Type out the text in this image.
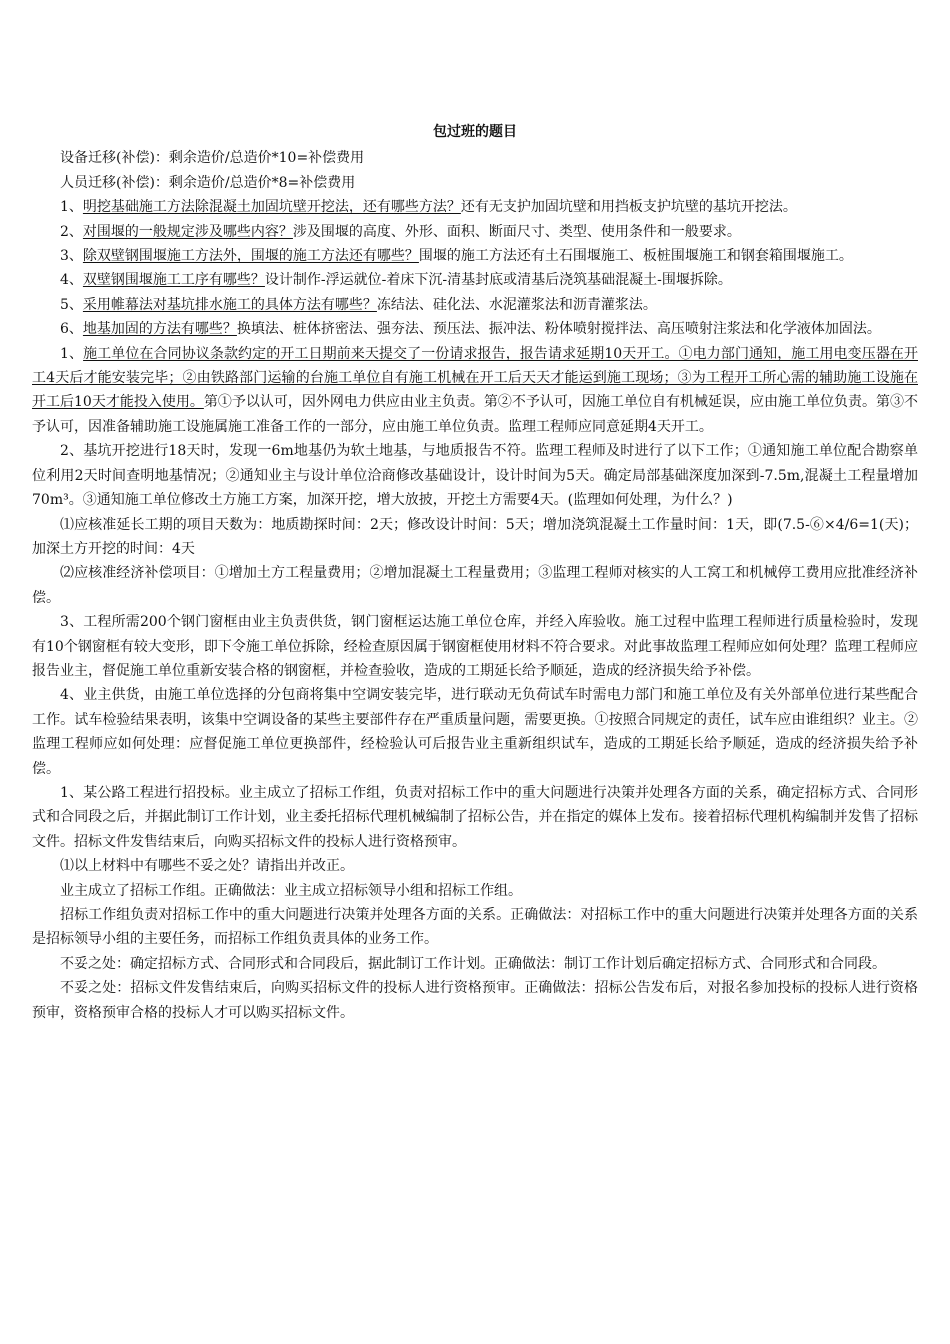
包过班的题目

设备迁移(补偿)：剩余造价/总造价*10=补偿费用

人员迁移(补偿)：剩余造价/总造价*8=补偿费用

1、明挖基础施工方法除混凝土加固坑壁开挖法，还有哪些方法？还有无支护加固坑壁和用挡板支护坑壁的基坑开挖法。

2、对围堰的一般规定涉及哪些内容？涉及围堰的高度、外形、面积、断面尺寸、类型、使用条件和一般要求。

3、除双壁钢围堰施工方法外，围堰的施工方法还有哪些？围堰的施工方法还有土石围堰施工、板桩围堰施工和钢套箱围堰施工。

4、双壁钢围堰施工工序有哪些？设计制作-浮运就位-着床下沉-清基封底或清基后浇筑基础混凝土-围堰拆除。

5、采用帷幕法对基坑排水施工的具体方法有哪些？冻结法、硅化法、水泥灌浆法和沥青灌浆法。

6、地基加固的方法有哪些？换填法、桩体挤密法、强夯法、预压法、振冲法、粉体喷射搅拌法、高压喷射注浆法和化学液体加固法。

1、施工单位在合同协议条款约定的开工日期前来天提交了一份请求报告，报告请求延期10天开工。①电力部门通知，施工用电变压器在开工4天后才能安装完毕；②由铁路部门运输的台施工单位自有施工机械在开工后天天才能运到施工现场；③为工程开工所心需的辅助施工设施在开工后10天才能投入使用。第①予以认可，因外网电力供应由业主负责。第②不予认可，因施工单位自有机械延误，应由施工单位负责。第③不予认可，因准备辅助施工设施属施工准备工作的一部分，应由施工单位负责。监理工程师应同意延期4天开工。

2、基坑开挖进行18天时，发现一6m地基仍为软土地基，与地质报告不符。监理工程师及时进行了以下工作；①通知施工单位配合勘察单位利用2天时间查明地基情况；②通知业主与设计单位洽商修改基础设计，设计时间为5天。确定局部基础深度加深到-7.5m,混凝土工程量增加70m³。③通知施工单位修改土方施工方案，加深开挖，增大放披，开挖土方需要4天。(监理如何处理，为什么？)

⑴应核准延长工期的项目天数为：地质勘探时间：2天；修改设计时间：5天；增加浇筑混凝土工作量时间：1天，即(7.5-⑥×4/6=1(天)；加深土方开挖的时间：4天

⑵应核准经济补偿项目：①增加土方工程量费用；②增加混凝土工程量费用；③监理工程师对核实的人工窝工和机械停工费用应批准经济补偿。

3、工程所需200个钢门窗框由业主负责供货，钢门窗框运达施工单位仓库，并经入库验收。施工过程中监理工程师进行质量检验时，发现有10个钢窗框有较大变形，即下令施工单位拆除，经检查原因属于钢窗框使用材料不符合要求。对此事故监理工程师应如何处理？监理工程师应报告业主，督促施工单位重新安装合格的钢窗框，并检查验收，造成的工期延长给予顺延，造成的经济损失给予补偿。

4、业主供货，由施工单位选择的分包商将集中空调安装完毕，进行联动无负荷试车时需电力部门和施工单位及有关外部单位进行某些配合工作。试车检验结果表明，该集中空调设备的某些主要部件存在严重质量问题，需要更换。①按照合同规定的责任，试车应由谁组织？业主。②监理工程师应如何处理：应督促施工单位更换部件，经检验认可后报告业主重新组织试车，造成的工期延长给予顺延，造成的经济损失给予补偿。

1、某公路工程进行招投标。业主成立了招标工作组，负责对招标工作中的重大问题进行决策并处理各方面的关系，确定招标方式、合同形式和合同段之后，并据此制订工作计划，业主委托招标代理机械编制了招标公告，并在指定的媒体上发布。接着招标代理机构编制并发售了招标文件。招标文件发售结束后，向购买招标文件的投标人进行资格预审。

⑴以上材料中有哪些不妥之处？请指出并改正。

业主成立了招标工作组。正确做法：业主成立招标领导小组和招标工作组。

招标工作组负责对招标工作中的重大问题进行决策并处理各方面的关系。正确做法：对招标工作中的重大问题进行决策并处理各方面的关系是招标领导小组的主要任务，而招标工作组负责具体的业务工作。

不妥之处：确定招标方式、合同形式和合同段后，据此制订工作计划。正确做法：制订工作计划后确定招标方式、合同形式和合同段。

不妥之处：招标文件发售结束后，向购买招标文件的投标人进行资格预审。正确做法：招标公告发布后，对报名参加投标的投标人进行资格预审，资格预审合格的投标人才可以购买招标文件。
